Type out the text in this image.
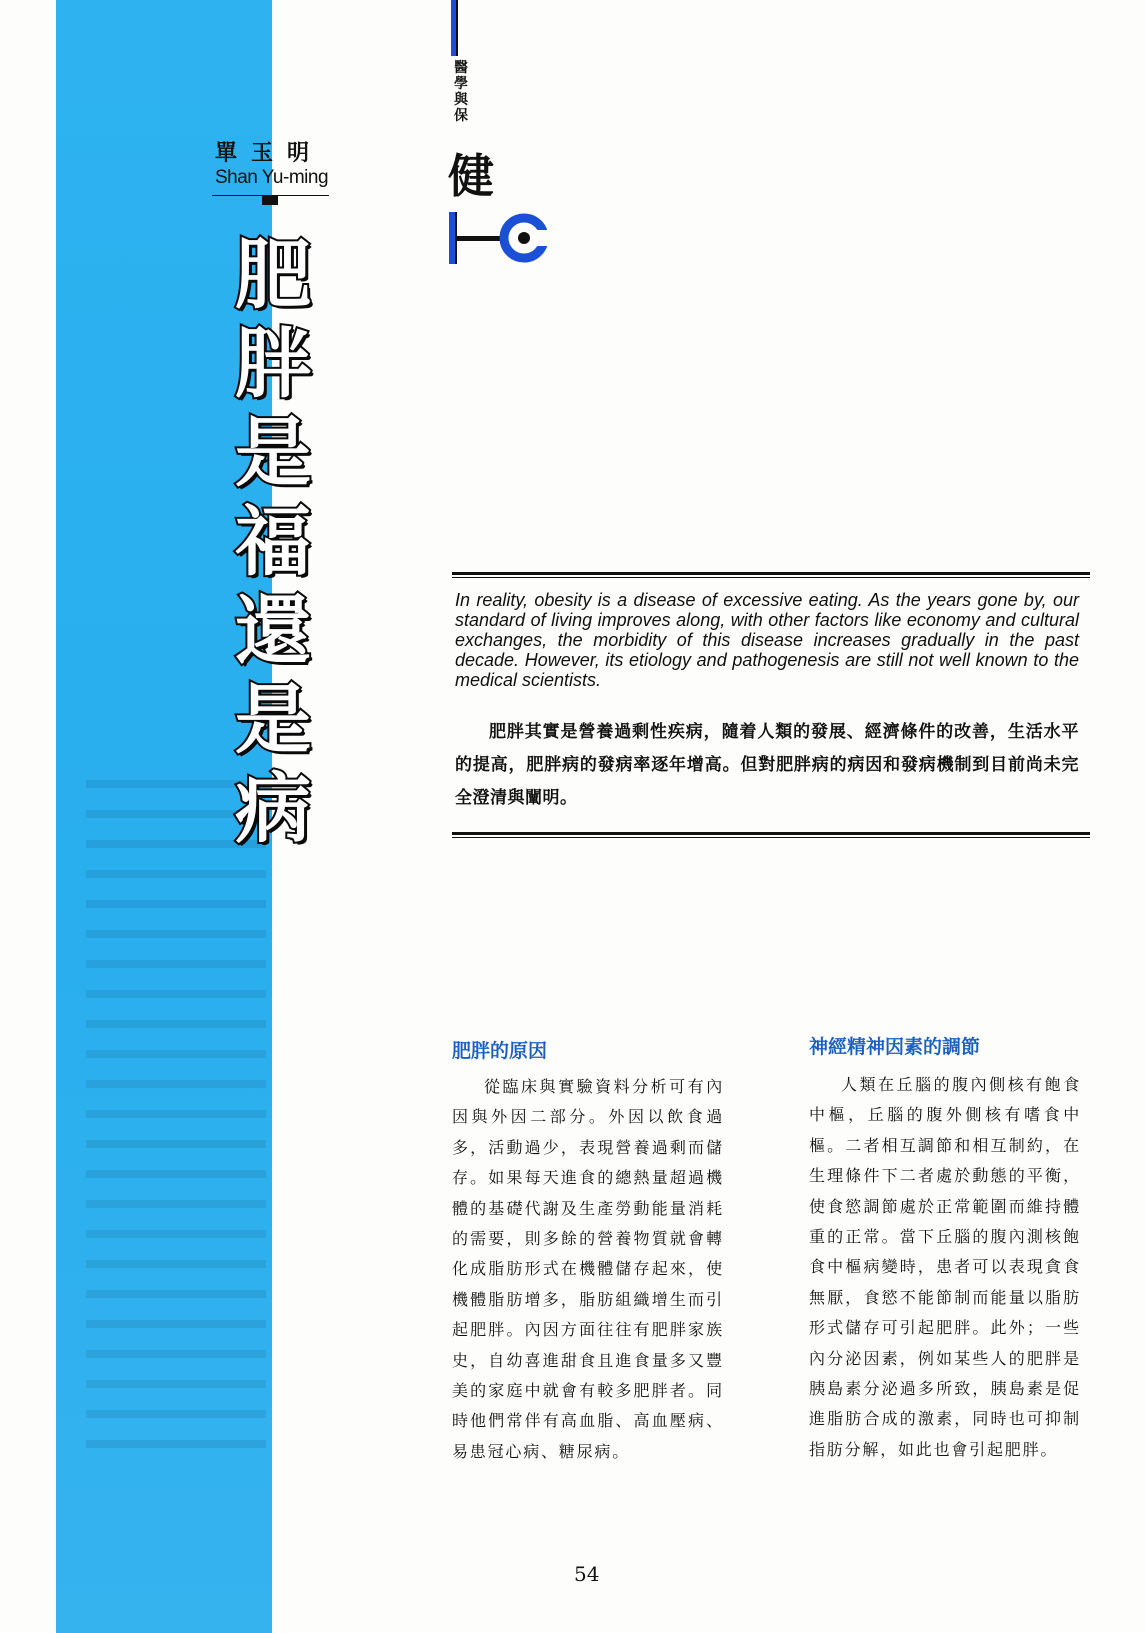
單玉明
Shan Yu-ming
肥
胖
是
福
還
是
病
醫學與保
健
HC
In reality, obesity is a disease of excessive eating. As the years gone by, our standard of living improves along, with other factors like economy and cultural exchanges, the morbidity of this disease increases gradually in the past decade. However, its etiology and pathogenesis are still not well known to the medical scientists.
肥胖其實是營養過剩性疾病，隨着人類的發展、經濟條件的改善，生活水平的提高，肥胖病的發病率逐年增高。但對肥胖病的病因和發病機制到目前尚未完全澄清與闡明。
肥胖的原因
從臨床與實驗資料分析可有內因與外因二部分。外因以飲食過多，活動過少，表現營養過剩而儲存。如果每天進食的總熱量超過機體的基礎代謝及生產勞動能量消耗的需要，則多餘的營養物質就會轉化成脂肪形式在機體儲存起來，使機體脂肪增多，脂肪組織增生而引起肥胖。內因方面往往有肥胖家族史，自幼喜進甜食且進食量多又豐美的家庭中就會有較多肥胖者。同時他們常伴有高血脂、高血壓病、易患冠心病、糖尿病。
神經精神因素的調節
人類在丘腦的腹內側核有飽食中樞，丘腦的腹外側核有嗜食中樞。二者相互調節和相互制約，在生理條件下二者處於動態的平衡，使食慾調節處於正常範圍而維持體重的正常。當下丘腦的腹內測核飽食中樞病變時，患者可以表現貪食無厭，食慾不能節制而能量以脂肪形式儲存可引起肥胖。此外；一些內分泌因素，例如某些人的肥胖是胰島素分泌過多所致，胰島素是促進脂肪合成的激素，同時也可抑制指肪分解，如此也會引起肥胖。
54
